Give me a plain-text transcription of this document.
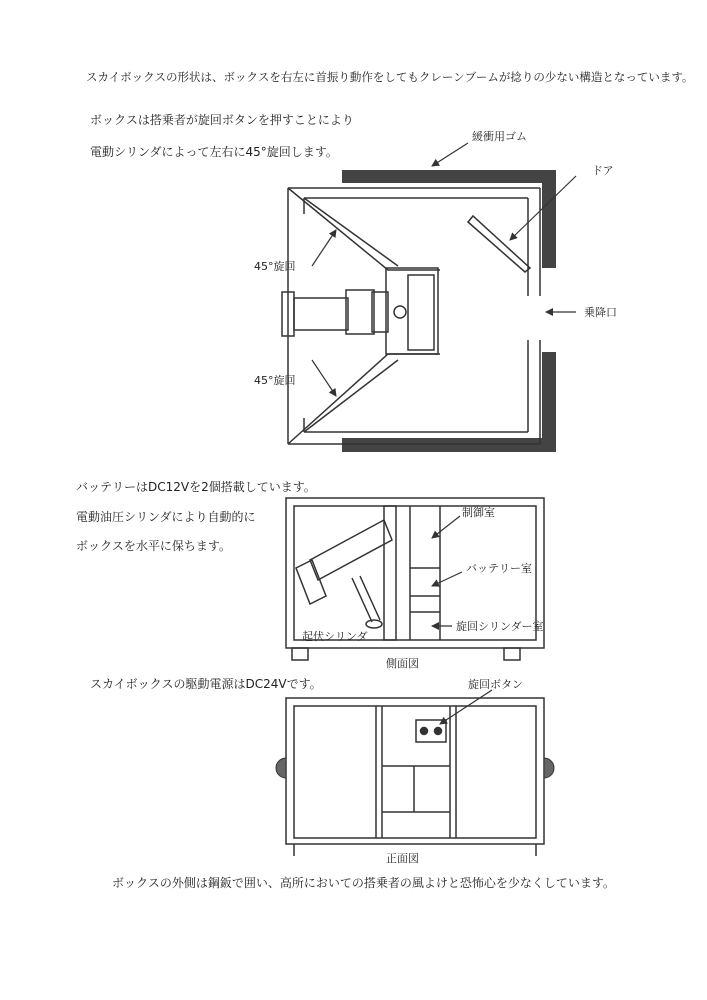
スカイボックスの形状は、ボックスを右左に首振り動作をしてもクレーンブームが捻りの少ない構造となっています。
ボックスは搭乗者が旋回ボタンを押すことにより
電動シリンダによって左右に45°旋回します。
バッテリーはDC12Vを2個搭載しています。
電動油圧シリンダにより自動的に
ボックスを水平に保ちます。
スカイボックスの駆動電源はDC24Vです。
ボックスの外側は鋼鈑で囲い、高所においての搭乗者の風よけと恐怖心を少なくしています。
緩衝用ゴム
ドア
45°旋回
45°旋回
乗降口
制御室
バッテリー室
旋回シリンダー室
起伏シリンダ
側面図
旋回ボタン
正面図
